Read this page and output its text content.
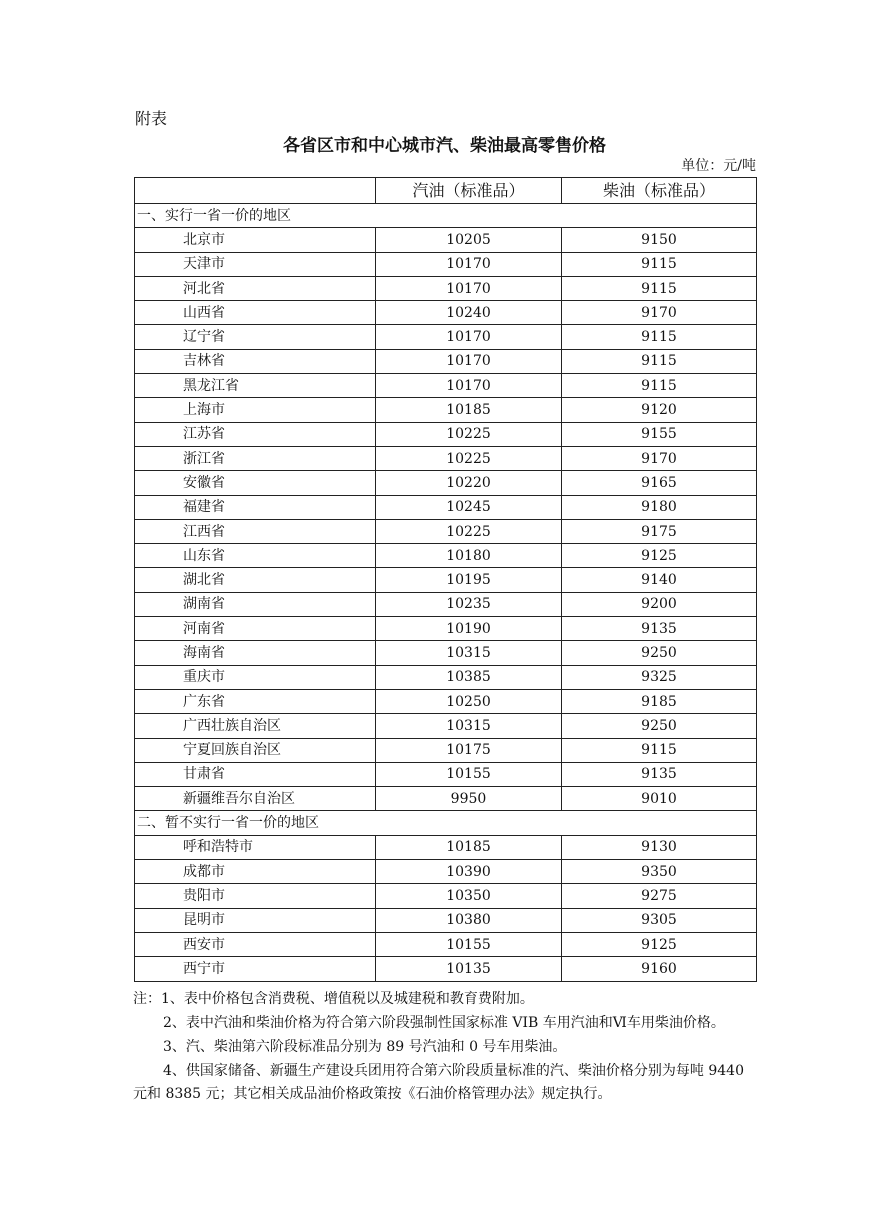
附表
各省区市和中心城市汽、柴油最高零售价格
单位：元/吨
	汽油（标准品）	柴油（标准品）
一、实行一省一价的地区		
北京市	10205	9150
天津市	10170	9115
河北省	10170	9115
山西省	10240	9170
辽宁省	10170	9115
吉林省	10170	9115
黑龙江省	10170	9115
上海市	10185	9120
江苏省	10225	9155
浙江省	10225	9170
安徽省	10220	9165
福建省	10245	9180
江西省	10225	9175
山东省	10180	9125
湖北省	10195	9140
湖南省	10235	9200
河南省	10190	9135
海南省	10315	9250
重庆市	10385	9325
广东省	10250	9185
广西壮族自治区	10315	9250
宁夏回族自治区	10175	9115
甘肃省	10155	9135
新疆维吾尔自治区	9950	9010
二、暂不实行一省一价的地区		
呼和浩特市	10185	9130
成都市	10390	9350
贵阳市	10350	9275
昆明市	10380	9305
西安市	10155	9125
西宁市	10135	9160

注：1、表中价格包含消费税、增值税以及城建税和教育费附加。

2、表中汽油和柴油价格为符合第六阶段强制性国家标准 VIB 车用汽油和Ⅵ车用柴油价格。

3、汽、柴油第六阶段标准品分别为 89 号汽油和 0 号车用柴油。

4、供国家储备、新疆生产建设兵团用符合第六阶段质量标准的汽、柴油价格分别为每吨 9440 元和 8385 元；其它相关成品油价格政策按《石油价格管理办法》规定执行。
